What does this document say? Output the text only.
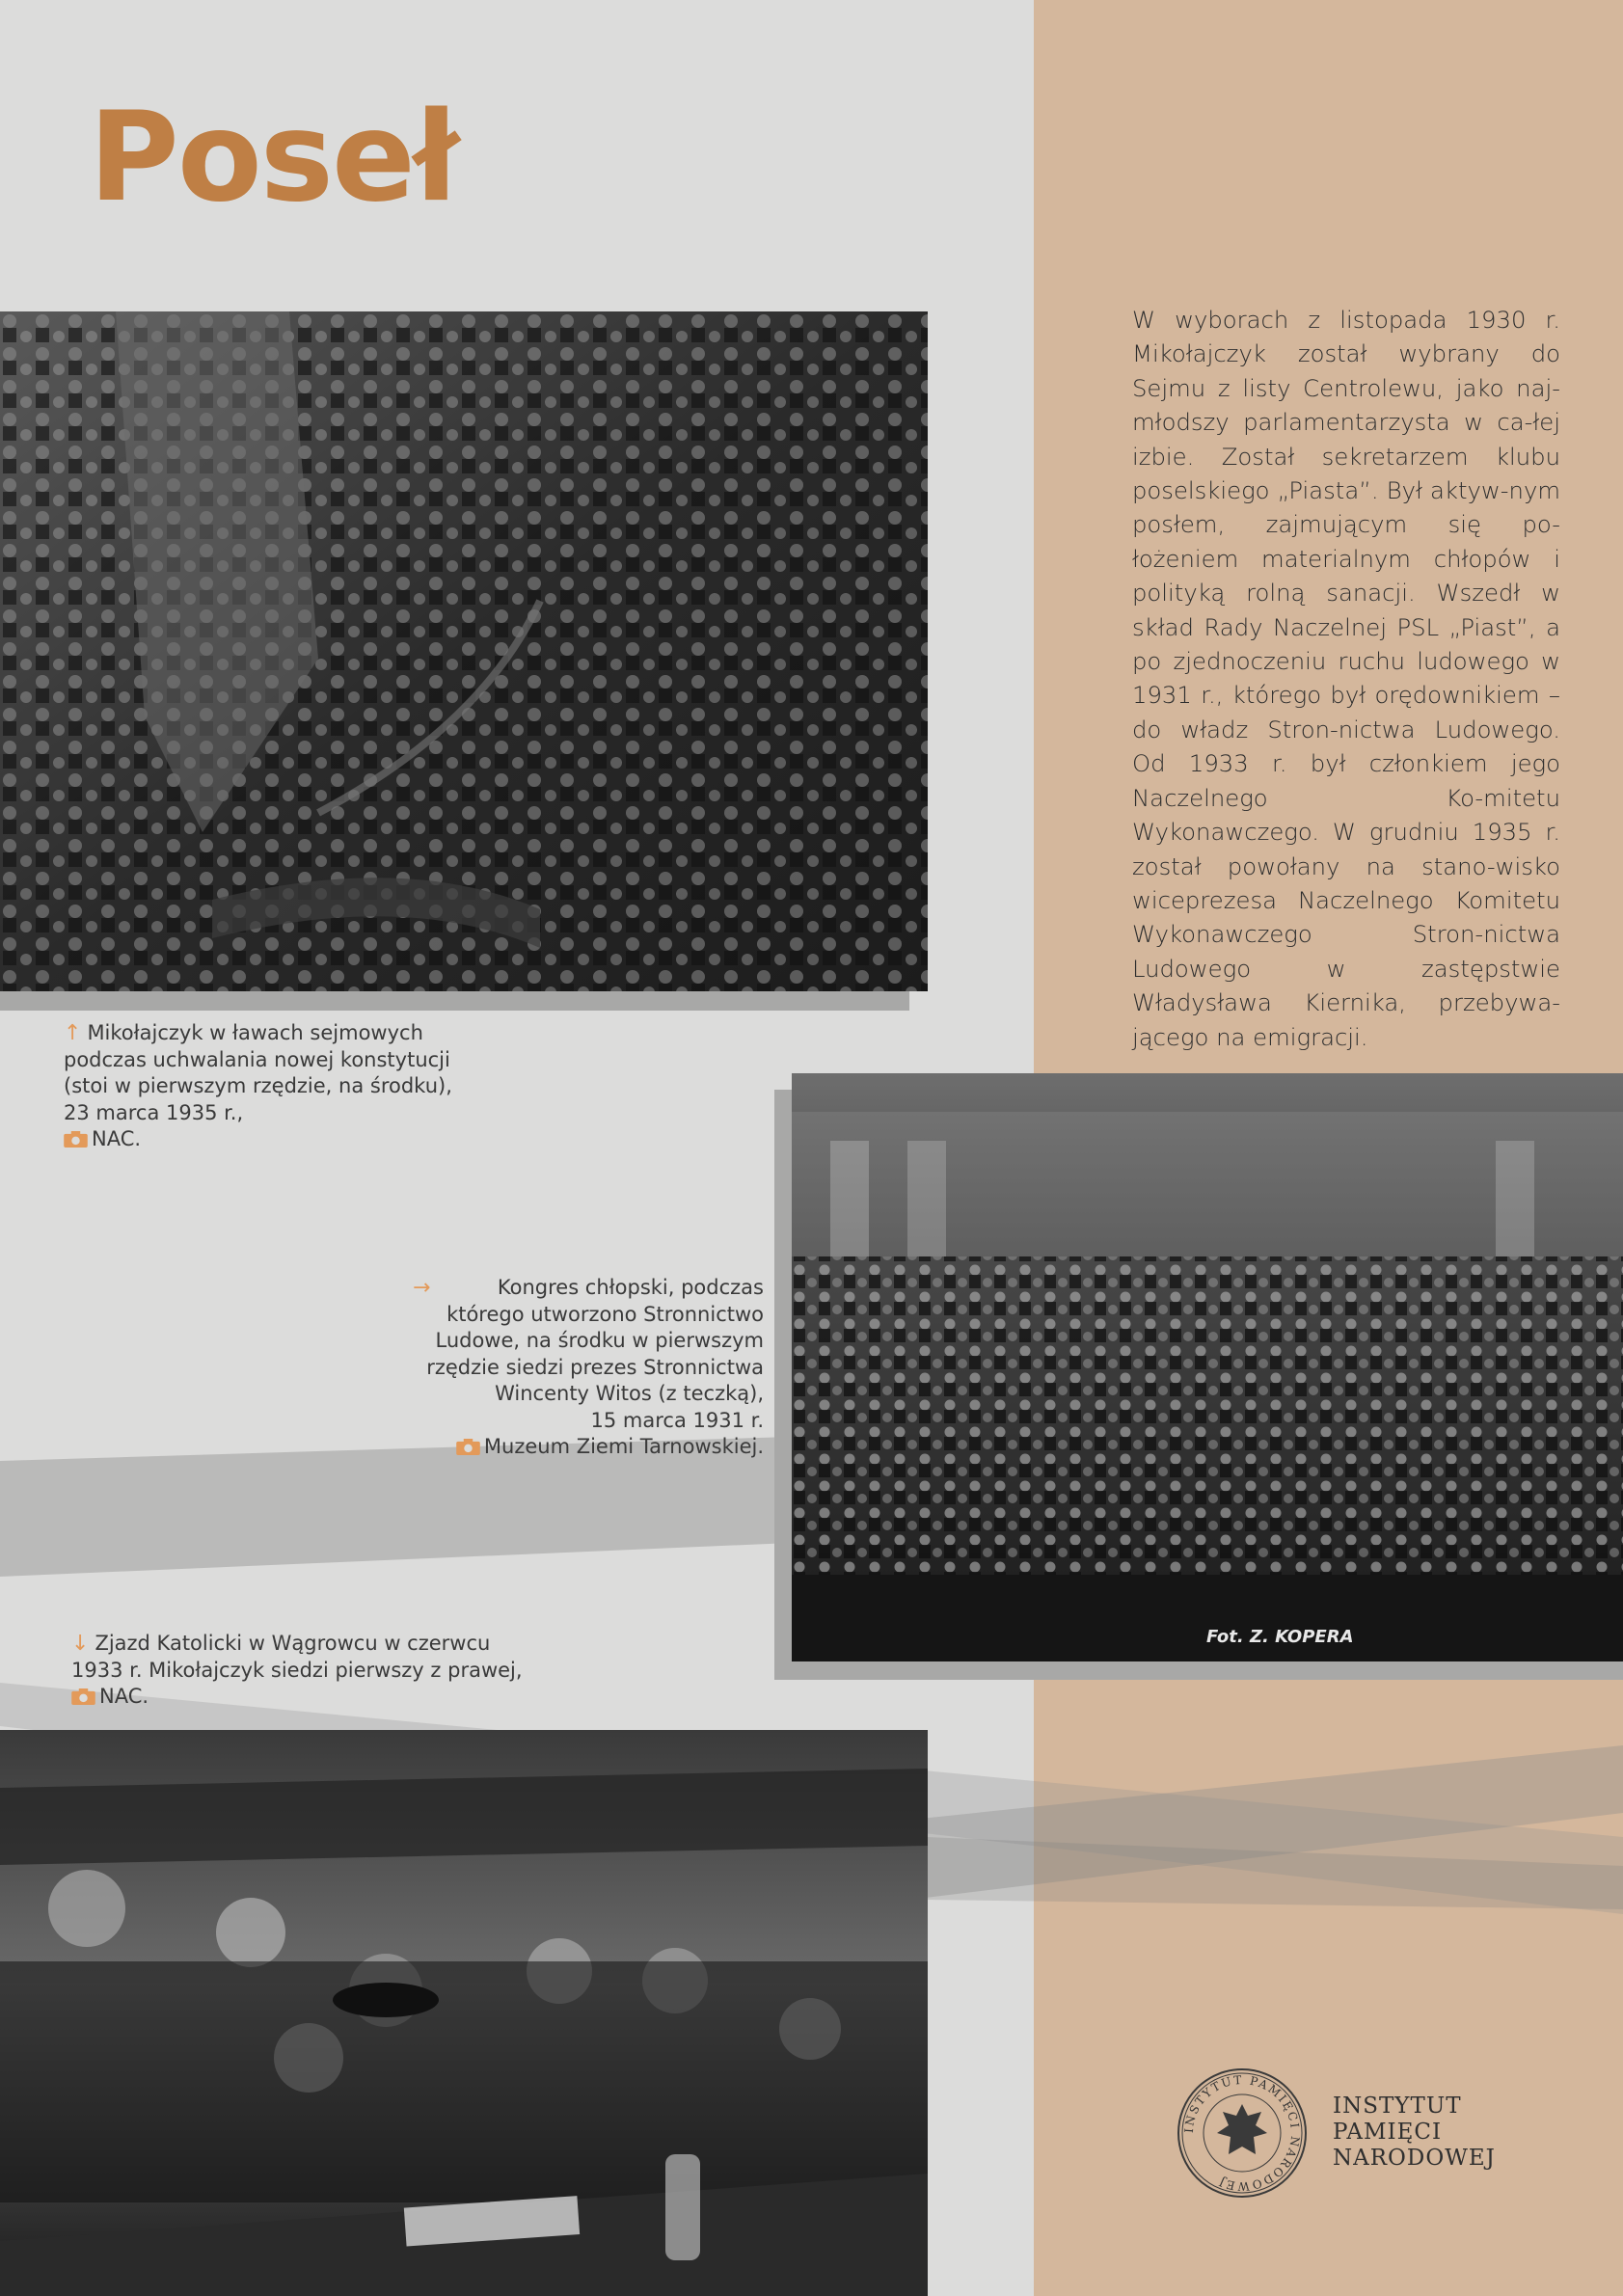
Poseł

W wyborach z listopada 1930 r. Mikołajczyk został wybrany do Sejmu z listy Centrolewu, jako naj-młodszy parlamentarzysta w ca-łej izbie. Został sekretarzem klubu poselskiego „Piasta”. Był aktyw-nym posłem, zajmującym się po-łożeniem materialnym chłopów i polityką rolną sanacji. Wszedł w skład Rady Naczelnej PSL „Piast”, a po zjednoczeniu ruchu ludowego w 1931 r., którego był orędownikiem – do władz Stron-nictwa Ludowego. Od 1933 r. był członkiem jego Naczelnego Ko-mitetu Wykonawczego. W grudniu 1935 r. został powołany na stano-wisko wiceprezesa Naczelnego Komitetu Wykonawczego Stron-nictwa Ludowego w zastępstwie Władysława Kiernika, przebywa-jącego na emigracji.

↑ Mikołajczyk w ławach sejmowych
podczas uchwalania nowej konstytucji
(stoi w pierwszym rzędzie, na środku),
23 marca 1935 r.,
NAC.
Fot. Z. KOPERA
→	Kongres chłopski, podczas
którego utworzono Stronnictwo
Ludowe, na środku w pierwszym
rzędzie siedzi prezes Stronnictwa
Wincenty Witos (z teczką),
15 marca 1931 r.
Muzeum Ziemi Tarnowskiej.
↓ Zjazd Katolicki w Wągrowcu w czerwcu
1933 r. Mikołajczyk siedzi pierwszy z prawej,
NAC.
INSTYTUT PAMIĘCI NARODOWEJ
INSTYTUT
PAMIĘCI
NARODOWEJ
